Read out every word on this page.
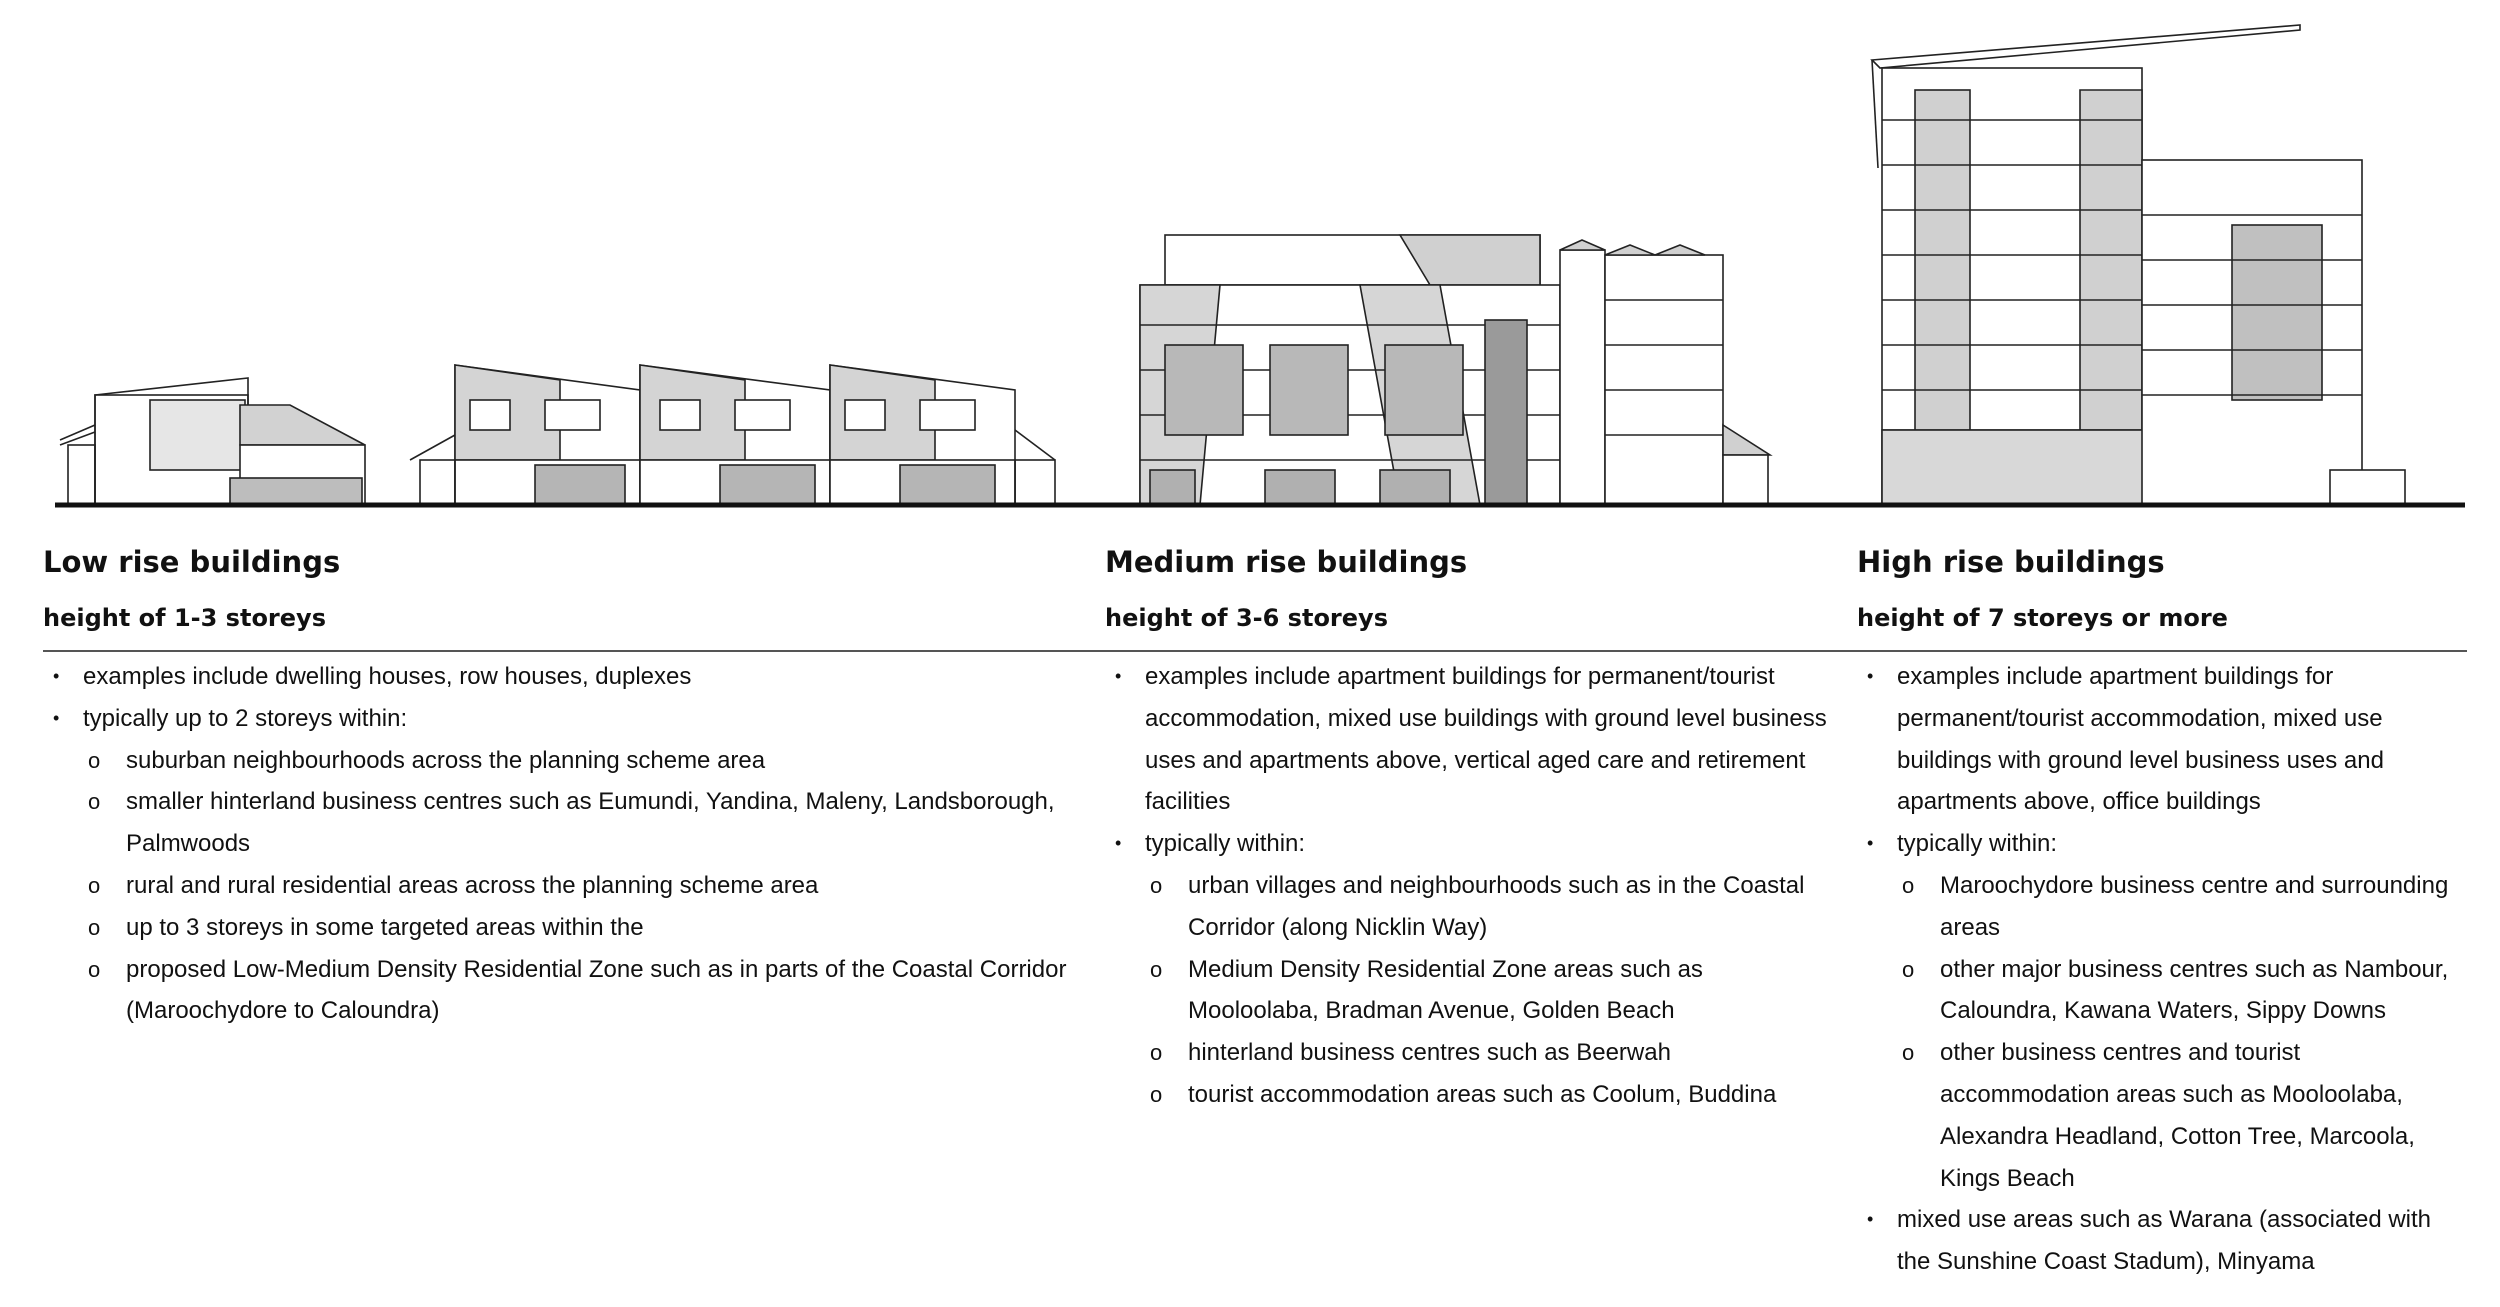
Low rise buildings
height of 1-3 storeys
• examples include dwelling houses, row houses, duplexes
• typically up to 2 storeys within:
o suburban neighbourhoods across the planning scheme area
o smaller hinterland business centres such as Eumundi, Yandina, Maleny, Landsborough, Palmwoods
o rural and rural residential areas across the planning scheme area
o up to 3 storeys in some targeted areas within the
o proposed Low-Medium Density Residential Zone such as in parts of the Coastal Corridor (Maroochydore to Caloundra)
Medium rise buildings
height of 3-6 storeys
• examples include apartment buildings for permanent/tourist accommodation, mixed use buildings with ground level business uses and apartments above, vertical aged care and retirement facilities
• typically within:
o urban villages and neighbourhoods such as in the Coastal Corridor (along Nicklin Way)
o Medium Density Residential Zone areas such as Mooloolaba, Bradman Avenue, Golden Beach
o hinterland business centres such as Beerwah
o tourist accommodation areas such as Coolum, Buddina
High rise buildings
height of 7 storeys or more
• examples include apartment buildings for permanent/tourist accommodation, mixed use buildings with ground level business uses and apartments above, office buildings
• typically within:
o Maroochydore business centre and surrounding areas
o other major business centres such as Nambour, Caloundra, Kawana Waters, Sippy Downs
o other business centres and tourist accommodation areas such as Mooloolaba, Alexandra Headland, Cotton Tree, Marcoola, Kings Beach
• mixed use areas such as Warana (associated with the Sunshine Coast Stadum), Minyama
